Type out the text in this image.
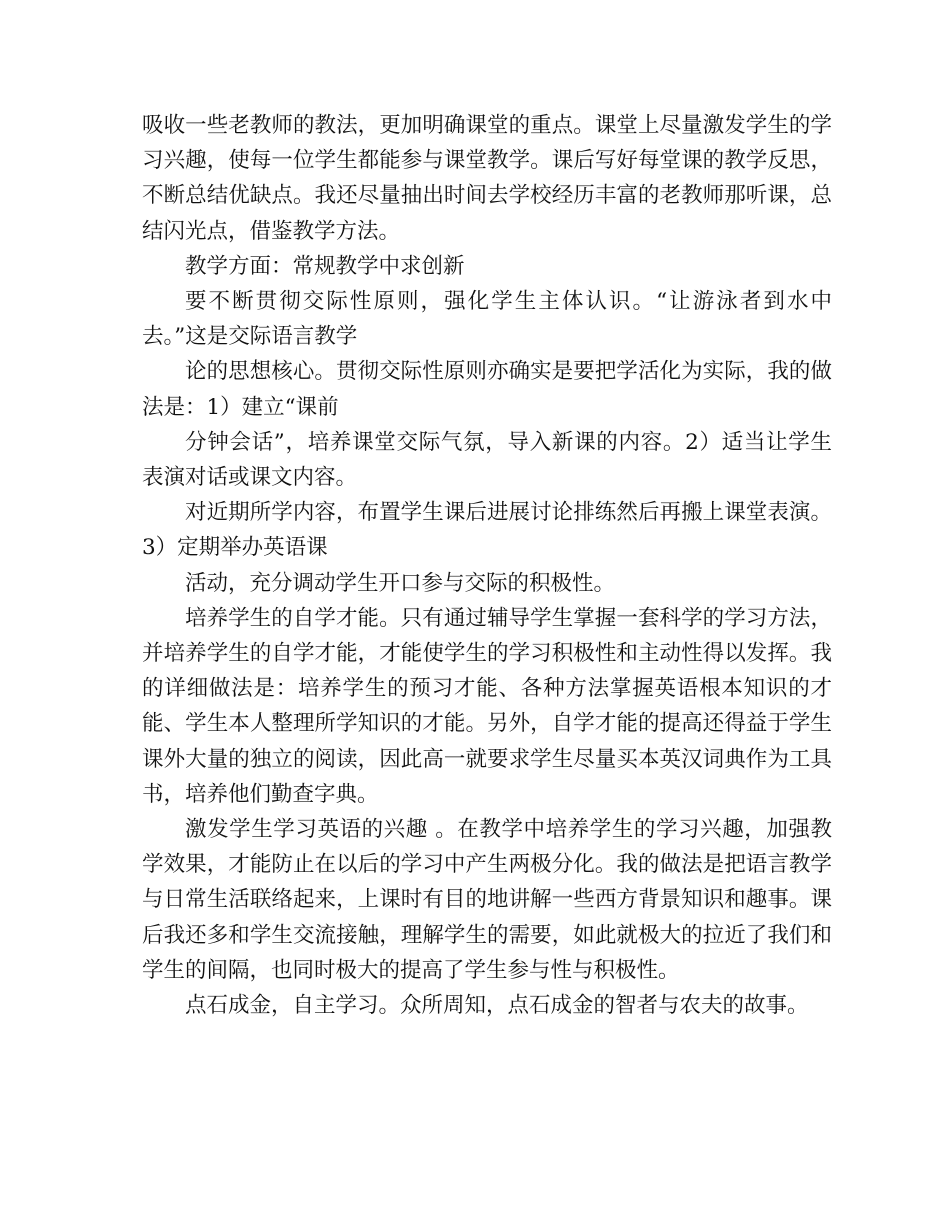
吸收一些老教师的教法，更加明确课堂的重点。课堂上尽量激发学生的学习兴趣，使每一位学生都能参与课堂教学。课后写好每堂课的教学反思，不断总结优缺点。我还尽量抽出时间去学校经历丰富的老教师那听课，总结闪光点，借鉴教学方法。

教学方面：常规教学中求创新

要不断贯彻交际性原则，强化学生主体认识。“让游泳者到水中去。”这是交际语言教学

论的思想核心。贯彻交际性原则亦确实是要把学活化为实际，我的做法是：1）建立“课前

分钟会话”，培养课堂交际气氛，导入新课的内容。2）适当让学生表演对话或课文内容。

对近期所学内容，布置学生课后进展讨论排练然后再搬上课堂表演。3）定期举办英语课

活动，充分调动学生开口参与交际的积极性。

培养学生的自学才能。只有通过辅导学生掌握一套科学的学习方法，并培养学生的自学才能，才能使学生的学习积极性和主动性得以发挥。我的详细做法是：培养学生的预习才能、各种方法掌握英语根本知识的才能、学生本人整理所学知识的才能。另外，自学才能的提高还得益于学生课外大量的独立的阅读，因此高一就要求学生尽量买本英汉词典作为工具书，培养他们勤查字典。

激发学生学习英语的兴趣 。在教学中培养学生的学习兴趣，加强教学效果，才能防止在以后的学习中产生两极分化。我的做法是把语言教学与日常生活联络起来，上课时有目的地讲解一些西方背景知识和趣事。课后我还多和学生交流接触，理解学生的需要，如此就极大的拉近了我们和学生的间隔，也同时极大的提高了学生参与性与积极性。

点石成金，自主学习。众所周知，点石成金的智者与农夫的故事。
